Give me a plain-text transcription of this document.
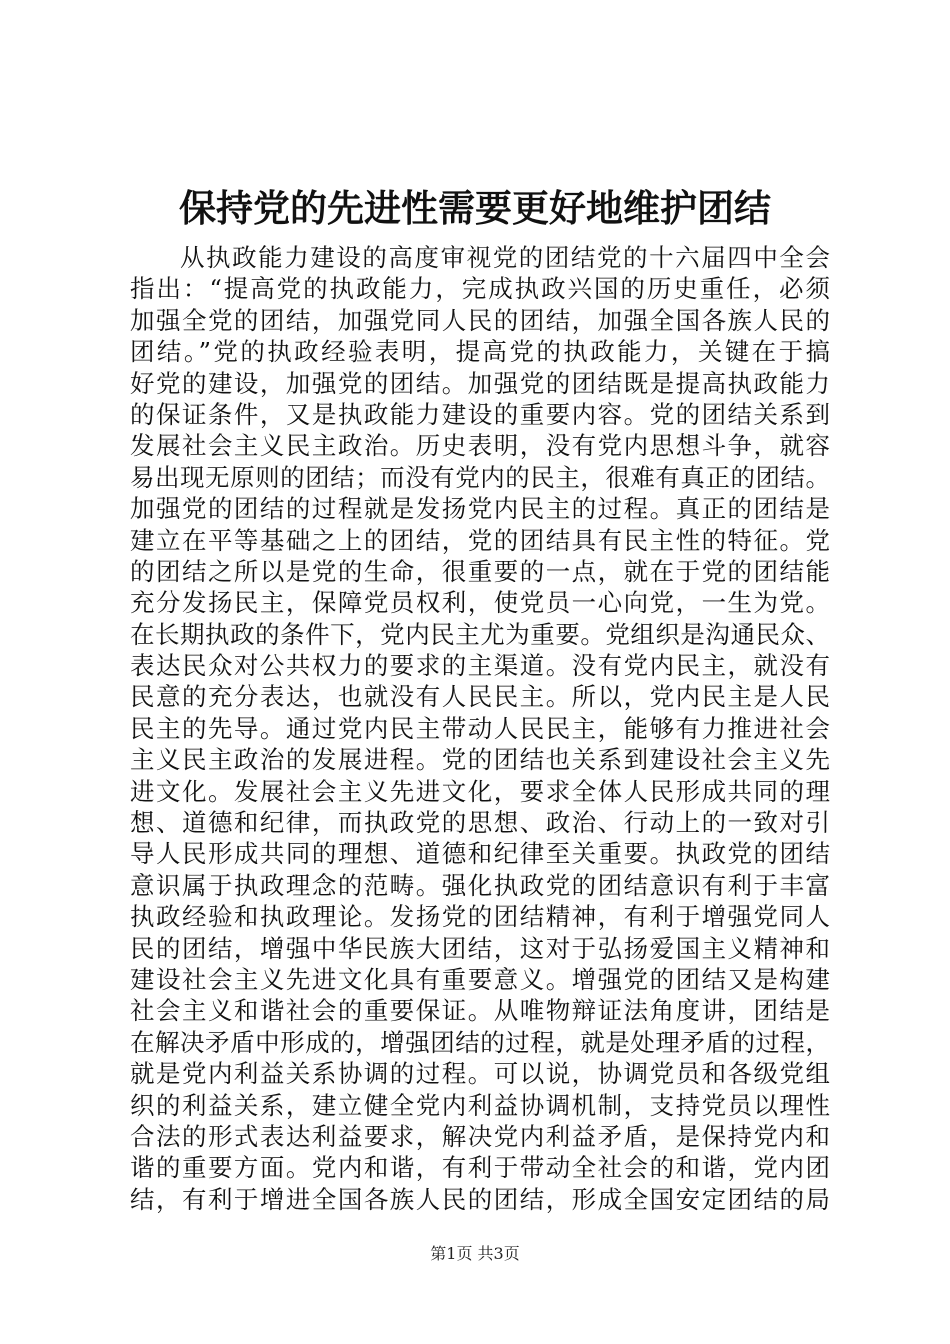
保持党的先进性需要更好地维护团结
从执政能力建设的高度审视党的团结党的十六届四中全会
指出：“提高党的执政能力，完成执政兴国的历史重任，必须
加强全党的团结，加强党同人民的团结，加强全国各族人民的
团结。”党的执政经验表明，提高党的执政能力，关键在于搞
好党的建设，加强党的团结。加强党的团结既是提高执政能力
的保证条件，又是执政能力建设的重要内容。党的团结关系到
发展社会主义民主政治。历史表明，没有党内思想斗争，就容
易出现无原则的团结；而没有党内的民主，很难有真正的团结。
加强党的团结的过程就是发扬党内民主的过程。真正的团结是
建立在平等基础之上的团结，党的团结具有民主性的特征。党
的团结之所以是党的生命，很重要的一点，就在于党的团结能
充分发扬民主，保障党员权利，使党员一心向党，一生为党。
在长期执政的条件下，党内民主尤为重要。党组织是沟通民众、
表达民众对公共权力的要求的主渠道。没有党内民主，就没有
民意的充分表达，也就没有人民民主。所以，党内民主是人民
民主的先导。通过党内民主带动人民民主，能够有力推进社会
主义民主政治的发展进程。党的团结也关系到建设社会主义先
进文化。发展社会主义先进文化，要求全体人民形成共同的理
想、道德和纪律，而执政党的思想、政治、行动上的一致对引
导人民形成共同的理想、道德和纪律至关重要。执政党的团结
意识属于执政理念的范畴。强化执政党的团结意识有利于丰富
执政经验和执政理论。发扬党的团结精神，有利于增强党同人
民的团结，增强中华民族大团结，这对于弘扬爱国主义精神和
建设社会主义先进文化具有重要意义。增强党的团结又是构建
社会主义和谐社会的重要保证。从唯物辩证法角度讲，团结是
在解决矛盾中形成的，增强团结的过程，就是处理矛盾的过程，
就是党内利益关系协调的过程。可以说，协调党员和各级党组
织的利益关系，建立健全党内利益协调机制，支持党员以理性
合法的形式表达利益要求，解决党内利益矛盾，是保持党内和
谐的重要方面。党内和谐，有利于带动全社会的和谐，党内团
结，有利于增进全国各族人民的团结，形成全国安定团结的局
第1页 共3页
